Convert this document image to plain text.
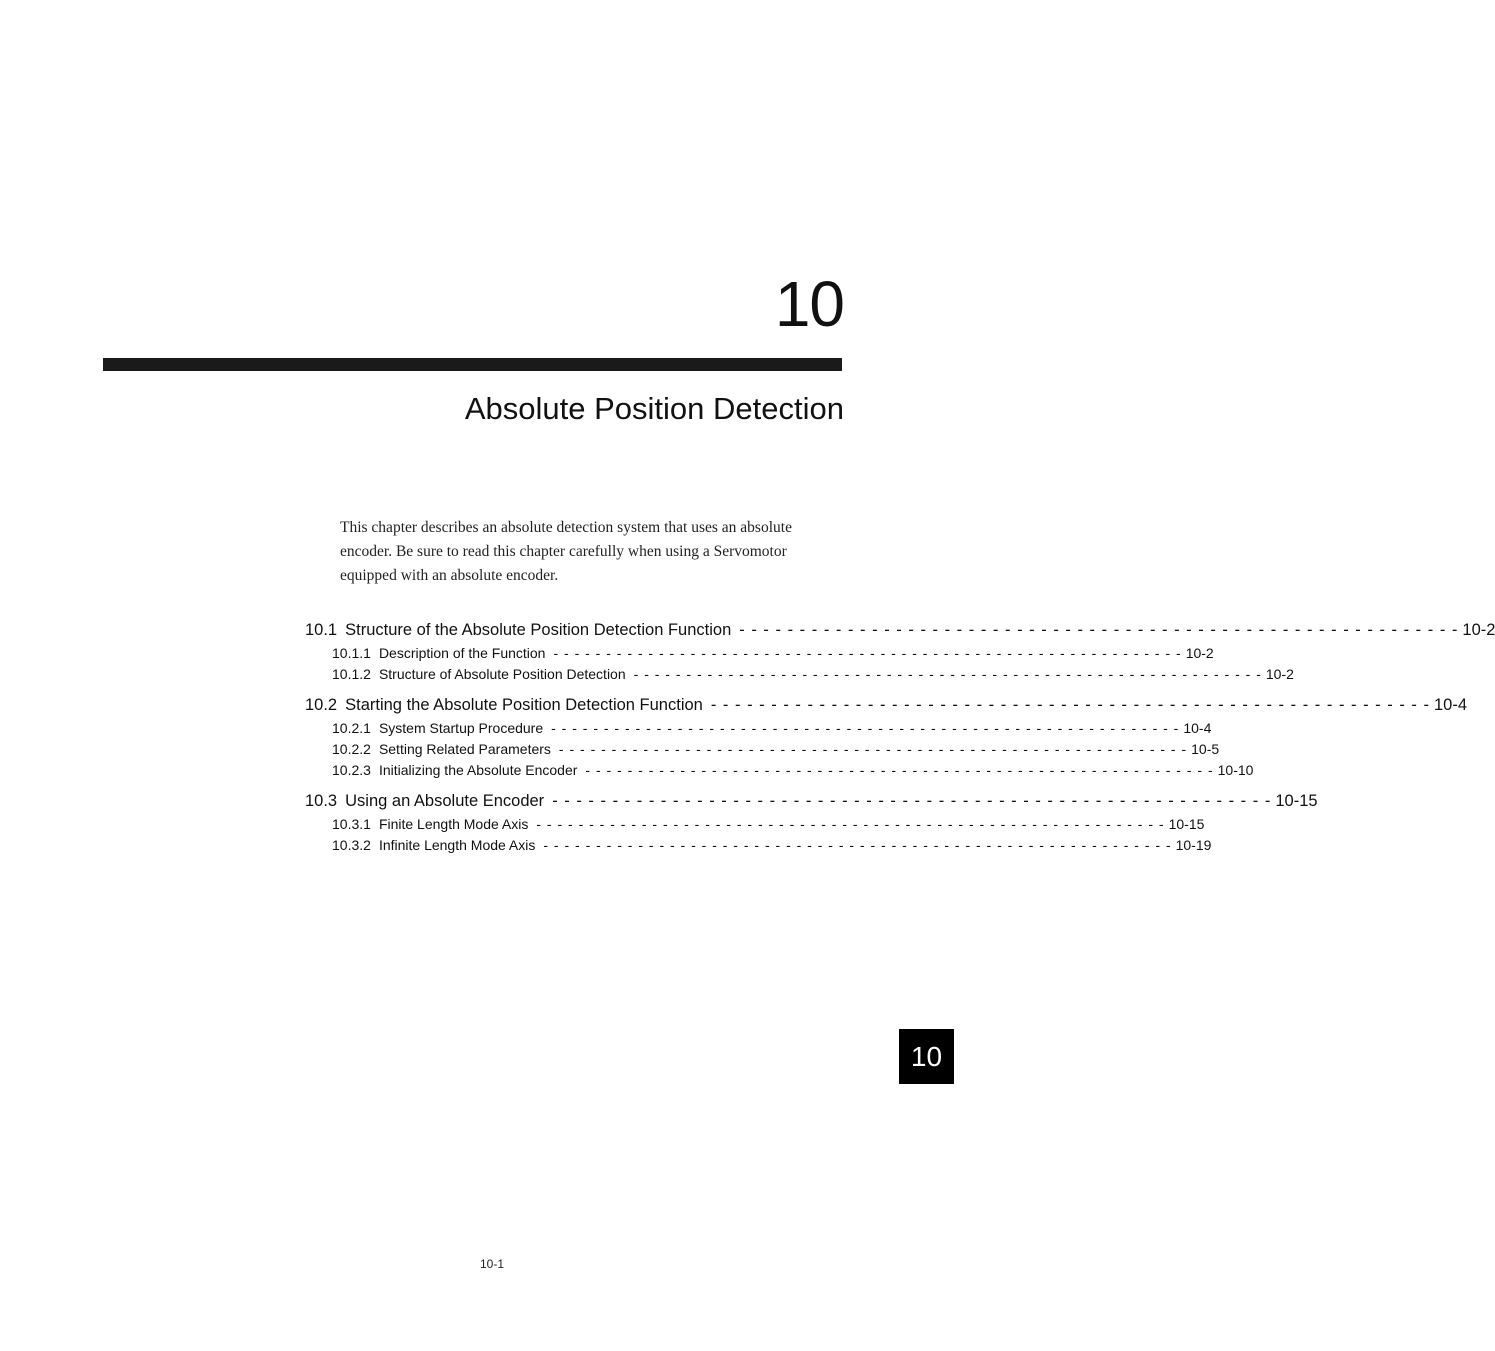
10
Absolute Position Detection
This chapter describes an absolute detection system that uses an absolute encoder. Be sure to read this chapter carefully when using a Servomotor equipped with an absolute encoder.
10.1 Structure of the Absolute Position Detection Function - - - - - - - - - - - - - - - - - - - - - - - - - - - - - - - - - - - - - - - - - - - - - - - - - - - - - - - - - - - - 10-2
10.1.1 Description of the Function - - - - - - - - - - - - - - - - - - - - - - - - - - - - - - - - - - - - - - - - - - - - - - - - - - - - - - - - - - - - 10-2
10.1.2 Structure of Absolute Position Detection - - - - - - - - - - - - - - - - - - - - - - - - - - - - - - - - - - - - - - - - - - - - - - - - - - - - - - - - - - - - 10-2
10.2 Starting the Absolute Position Detection Function - - - - - - - - - - - - - - - - - - - - - - - - - - - - - - - - - - - - - - - - - - - - - - - - - - - - - - - - - - - - 10-4
10.2.1 System Startup Procedure - - - - - - - - - - - - - - - - - - - - - - - - - - - - - - - - - - - - - - - - - - - - - - - - - - - - - - - - - - - - 10-4
10.2.2 Setting Related Parameters - - - - - - - - - - - - - - - - - - - - - - - - - - - - - - - - - - - - - - - - - - - - - - - - - - - - - - - - - - - - 10-5
10.2.3 Initializing the Absolute Encoder - - - - - - - - - - - - - - - - - - - - - - - - - - - - - - - - - - - - - - - - - - - - - - - - - - - - - - - - - - - - 10-10
10.3 Using an Absolute Encoder - - - - - - - - - - - - - - - - - - - - - - - - - - - - - - - - - - - - - - - - - - - - - - - - - - - - - - - - - - - - 10-15
10.3.1 Finite Length Mode Axis - - - - - - - - - - - - - - - - - - - - - - - - - - - - - - - - - - - - - - - - - - - - - - - - - - - - - - - - - - - - 10-15
10.3.2 Infinite Length Mode Axis - - - - - - - - - - - - - - - - - - - - - - - - - - - - - - - - - - - - - - - - - - - - - - - - - - - - - - - - - - - - 10-19
10
10-1
